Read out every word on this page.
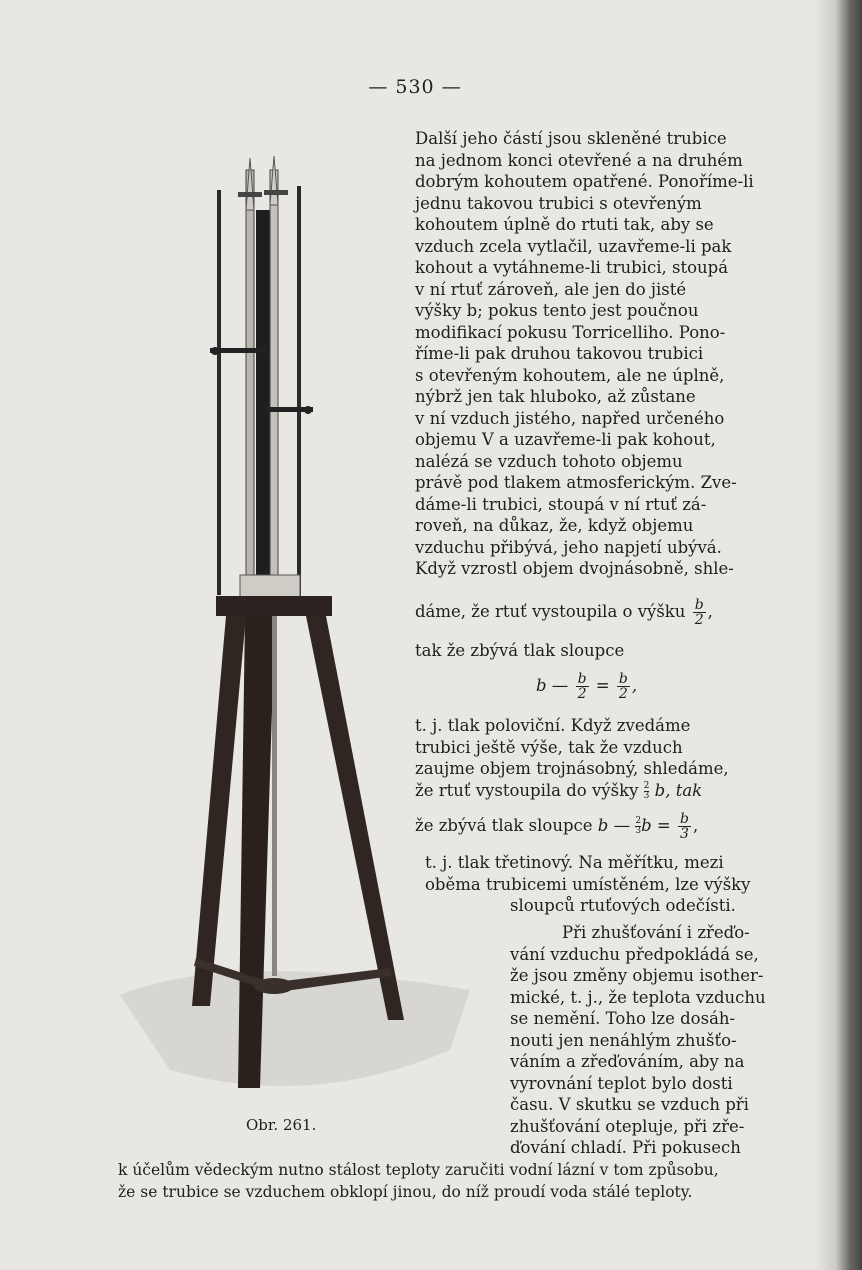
— 530 —
Obr. 261.
Další jeho částí jsou skleněné trubice
na jednom konci otevřené a na druhém
dobrým kohoutem opatřené. Ponoříme-li
jednu takovou trubici s otevřeným
kohoutem úplně do rtuti tak, aby se
vzduch zcela vytlačil, uzavřeme-li pak
kohout a vytáhneme-li trubici, stoupá
v ní rtuť zároveň, ale jen do jisté
výšky b; pokus tento jest poučnou
modifikací pokusu Torricelliho. Pono-
říme-li pak druhou takovou trubici
s otevřeným kohoutem, ale ne úplně,
nýbrž jen tak hluboko, až zůstane
v ní vzduch jistého, napřed určeného
objemu V a uzavřeme-li pak kohout,
nalézá se vzduch tohoto objemu
právě pod tlakem atmosferickým. Zve-
dáme-li trubici, stoupá v ní rtuť zá-
roveň, na důkaz, že, když objemu
vzduchu přibývá, jeho napjetí ubývá.
Když vzrostl objem dvojnásobně, shle-
dáme, že rtuť vystoupila o výšku $\frac{b}{2}$ ,
tak že zbývá tlak sloupce
b — $\frac{b}{2} = \frac{b}{2}$ ,
t. j. tlak poloviční. Když zvedáme
trubici ještě výše, tak že vzduch
zaujme objem trojnásobný, shledáme,
že rtuť vystoupila do výšky $\frac{2}{3} b$, tak
že zbývá tlak sloupce b — $\frac{2}{3}$ $b = \frac{b}{3}$ ,
t. j. tlak třetinový. Na měřítku, mezi
oběma trubicemi umístěném, lze výšky
sloupců rtuťových odečísti.
Při zhušťování i zřeďo-
vání vzduchu předpokládá se,
že jsou změny objemu isother-
mické, t. j., že teplota vzduchu
se nemění. Toho lze dosáh-
nouti jen nenáhlým zhušťo-
váním a zřeďováním, aby na
vyrovnání teplot bylo dosti
času. V skutku se vzduch při
zhušťování otepluje, při zře-
ďování chladí. Při pokusech
k účelům vědeckým nutno stálost teploty zaručiti vodní lázní v tom způsobu,
že se trubice se vzduchem obklopí jinou, do níž proudí voda stálé teploty.
